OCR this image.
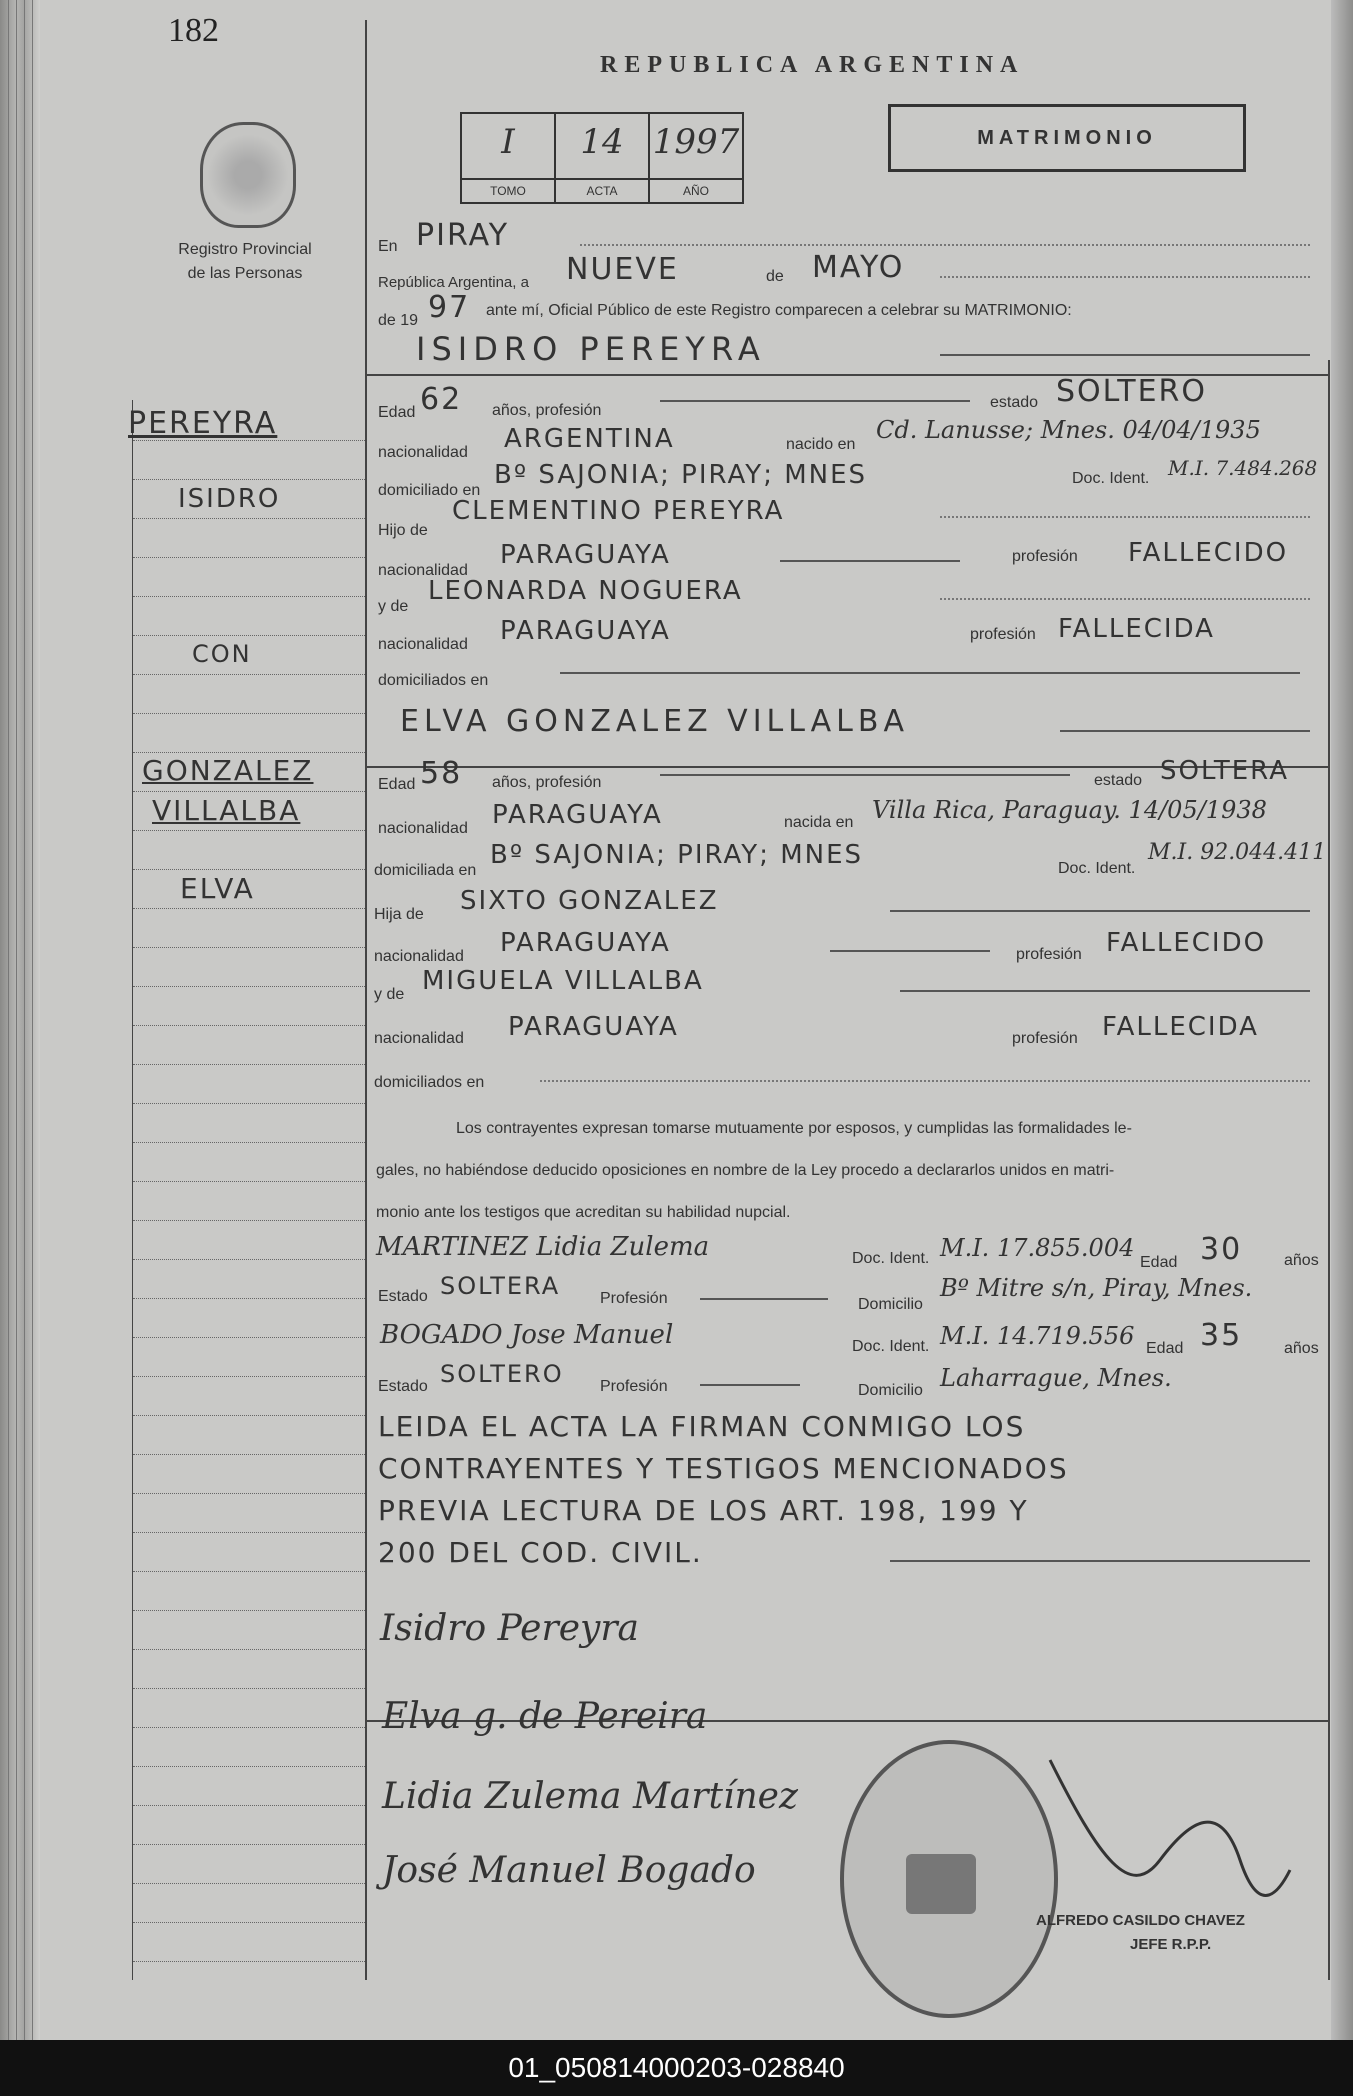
182
REPUBLICA ARGENTINA
I
TOMO
14
ACTA
1997
AÑO
MATRIMONIO
Registro Provincial
de las Personas
PEREYRA
ISIDRO
CON
GONZALEZ
VILLALBA
ELVA
En PIRAY
República Argentina, a NUEVE	de MAYO
de 19 97 ante mí, Oficial Público de este Registro comparecen a celebrar su MATRIMONIO:
ISIDRO PEREYRA
Edad 62 años, profesión	estado SOLTERO
nacionalidad ARGENTINA	nacido en
Cd. Lanusse; Mnes. 04/04/1935
domiciliado en
Bº SAJONIA; PIRAY; MNES	Doc. Ident. M.I. 7.484.268
Hijo de
CLEMENTINO PEREYRA
nacionalidad
PARAGUAYA	profesión FALLECIDO
y de
LEONARDA NOGUERA
nacionalidad PARAGUAYA	profesión FALLECIDA
domiciliados en
ELVA GONZALEZ VILLALBA
Edad 58 años, profesión	estado SOLTERA
nacionalidad PARAGUAYA	nacida en Villa Rica, Paraguay. 14/05/1938
domiciliada en
Bº SAJONIA; PIRAY; MNES	Doc. Ident.
M.I. 92.044.411
Hija de SIXTO GONZALEZ
nacionalidad PARAGUAYA	profesión FALLECIDO
y de MIGUELA VILLALBA
nacionalidad PARAGUAYA	profesión FALLECIDA
domiciliados en
Los contrayentes expresan tomarse mutuamente por esposos, y cumplidas las formalidades le-
gales, no habiéndose deducido oposiciones en nombre de la Ley procedo a declararlos unidos en matri-
monio ante los testigos que acreditan su habilidad nupcial.
MARTINEZ Lidia Zulema	Doc. Ident. M.I. 17.855.004
Edad 30	años
Estado SOLTERA Profesión	Domicilio
Bº Mitre s/n, Piray, Mnes.
BOGADO Jose Manuel	Doc. Ident. M.I. 14.719.556 Edad 35	años
Estado SOLTERO Profesión	Domicilio Laharrague, Mnes.
LEIDA EL ACTA LA FIRMAN CONMIGO LOS
CONTRAYENTES Y TESTIGOS MENCIONADOS
PREVIA LECTURA DE LOS ART. 198, 199 Y
200 DEL COD. CIVIL.
Isidro Pereyra
Elva g. de Pereira
Lidia Zulema Martínez
José Manuel Bogado
ALFREDO CASILDO CHAVEZ
JEFE R.P.P.
01_050814000203-028840
